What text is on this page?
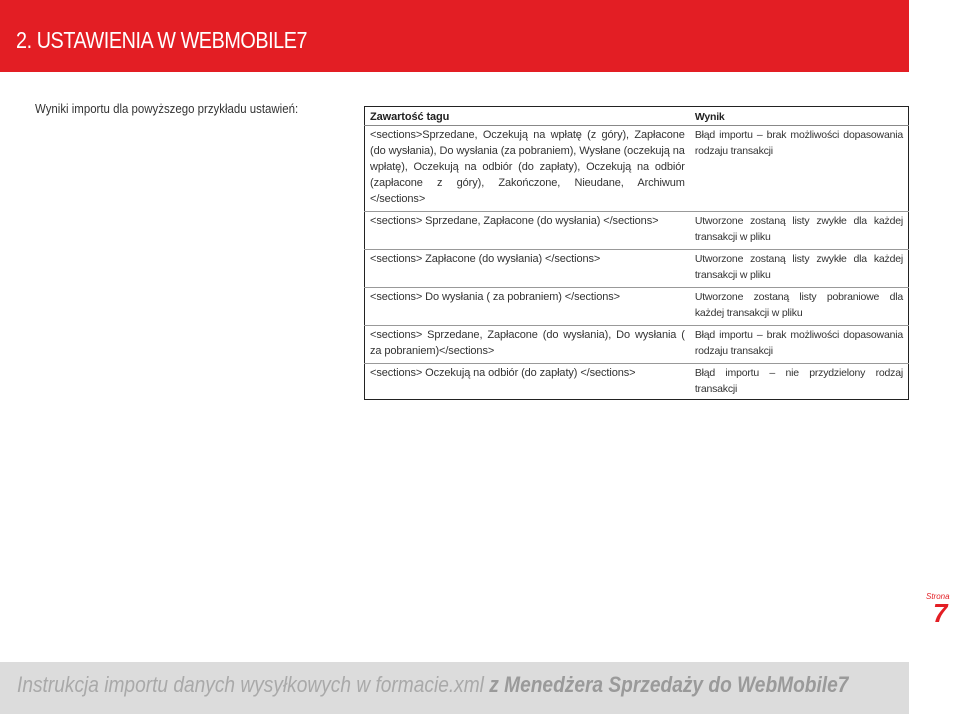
2. USTAWIENIA W WEBMOBILE7
Wyniki importu dla powyższego przykładu ustawień:
Zawartość tagu	Wynik
<sections>Sprzedane, Oczekują na wpłatę (z góry), Zapłacone (do wysłania), Do wysłania (za pobraniem), Wysłane (oczekują na wpłatę), Oczekują na odbiór (do zapłaty), Oczekują na odbiór (zapłacone z góry), Zakończone, Nieudane, Archiwum </sections>	Błąd importu – brak możliwości dopasowania rodzaju transakcji
<sections> Sprzedane, Zapłacone (do wysłania) </sections>	Utworzone zostaną listy zwykłe dla każdej transakcji w pliku
<sections> Zapłacone (do wysłania) </sections>	Utworzone zostaną listy zwykłe dla każdej transakcji w pliku
<sections> Do wysłania ( za pobraniem) </sections>	Utworzone zostaną listy pobraniowe dla każdej transakcji w pliku
<sections> Sprzedane, Zapłacone (do wysłania), Do wysłania ( za pobraniem)</sections>	Błąd importu – brak możliwości dopasowania rodzaju transakcji
<sections> Oczekują na odbiór (do zapłaty) </sections>	Błąd importu – nie przydzielony rodzaj transakcji
Strona
7
Instrukcja importu danych wysyłkowych w formacie.xml z Menedżera Sprzedaży do WebMobile7
